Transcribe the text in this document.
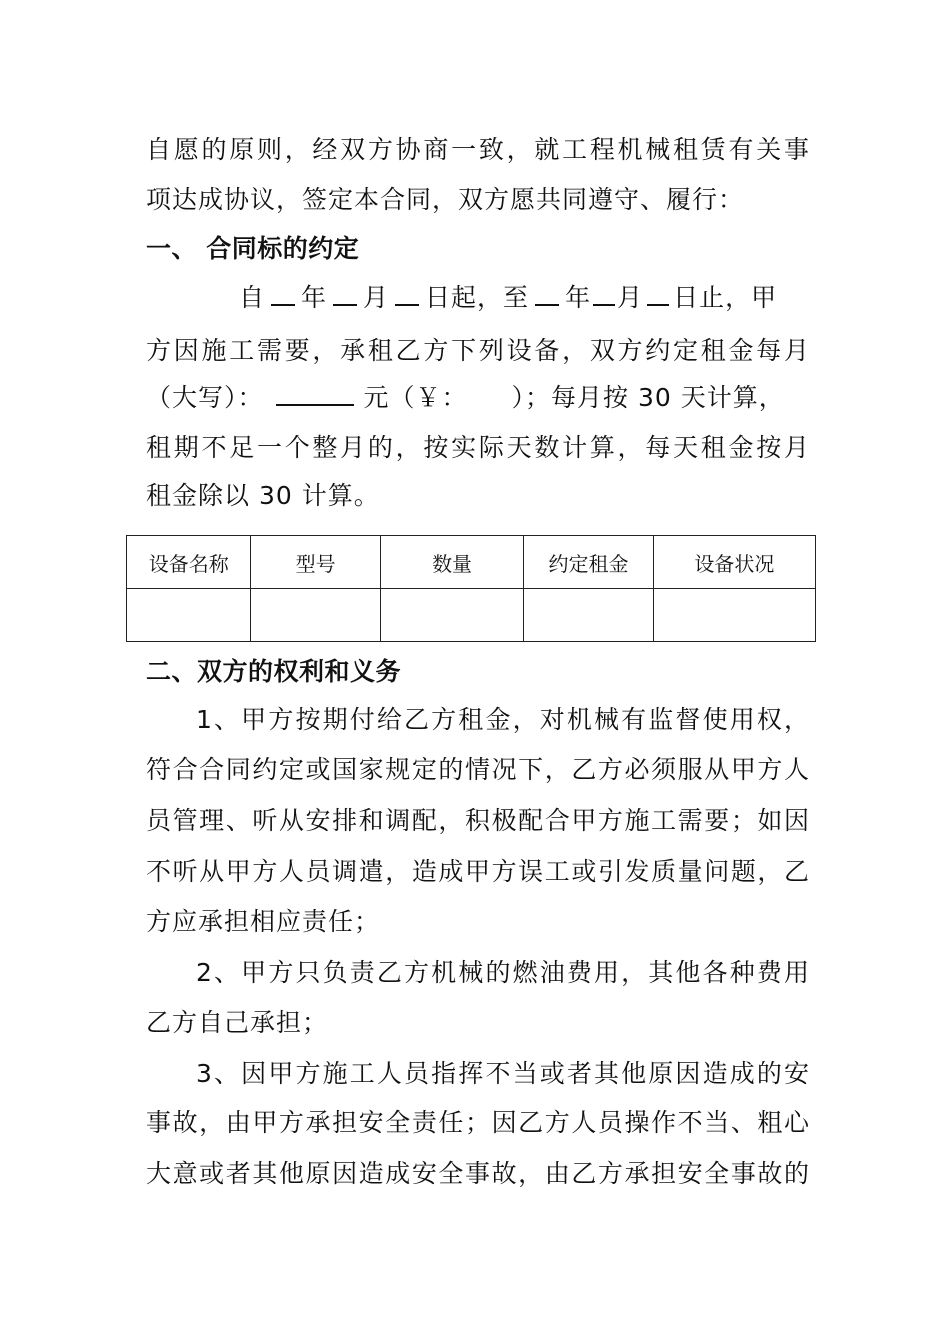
自愿的原则，经双方协商一致，就工程机械租赁有关事
项达成协议，签定本合同，双方愿共同遵守、履行：
一、 合同标的约定
自 年 月 日起，至 年 月 日止，甲
方因施工需要，承租乙方下列设备，双方约定租金每月
（大写）：	元（￥： ）；每月按 30 天计算，
租期不足一个整月的，按实际天数计算，每天租金按月
租金除以 30 计算。
设备名称	型号	数量	约定租金	设备状况

二、双方的权利和义务
1、甲方按期付给乙方租金，对机械有监督使用权，
符合合同约定或国家规定的情况下，乙方必须服从甲方人
员管理、听从安排和调配，积极配合甲方施工需要；如因
不听从甲方人员调遣，造成甲方误工或引发质量问题，乙
方应承担相应责任；
2、甲方只负责乙方机械的燃油费用，其他各种费用
乙方自己承担；
3、因甲方施工人员指挥不当或者其他原因造成的安
事故，由甲方承担安全责任；因乙方人员操作不当、粗心
大意或者其他原因造成安全事故，由乙方承担安全事故的
